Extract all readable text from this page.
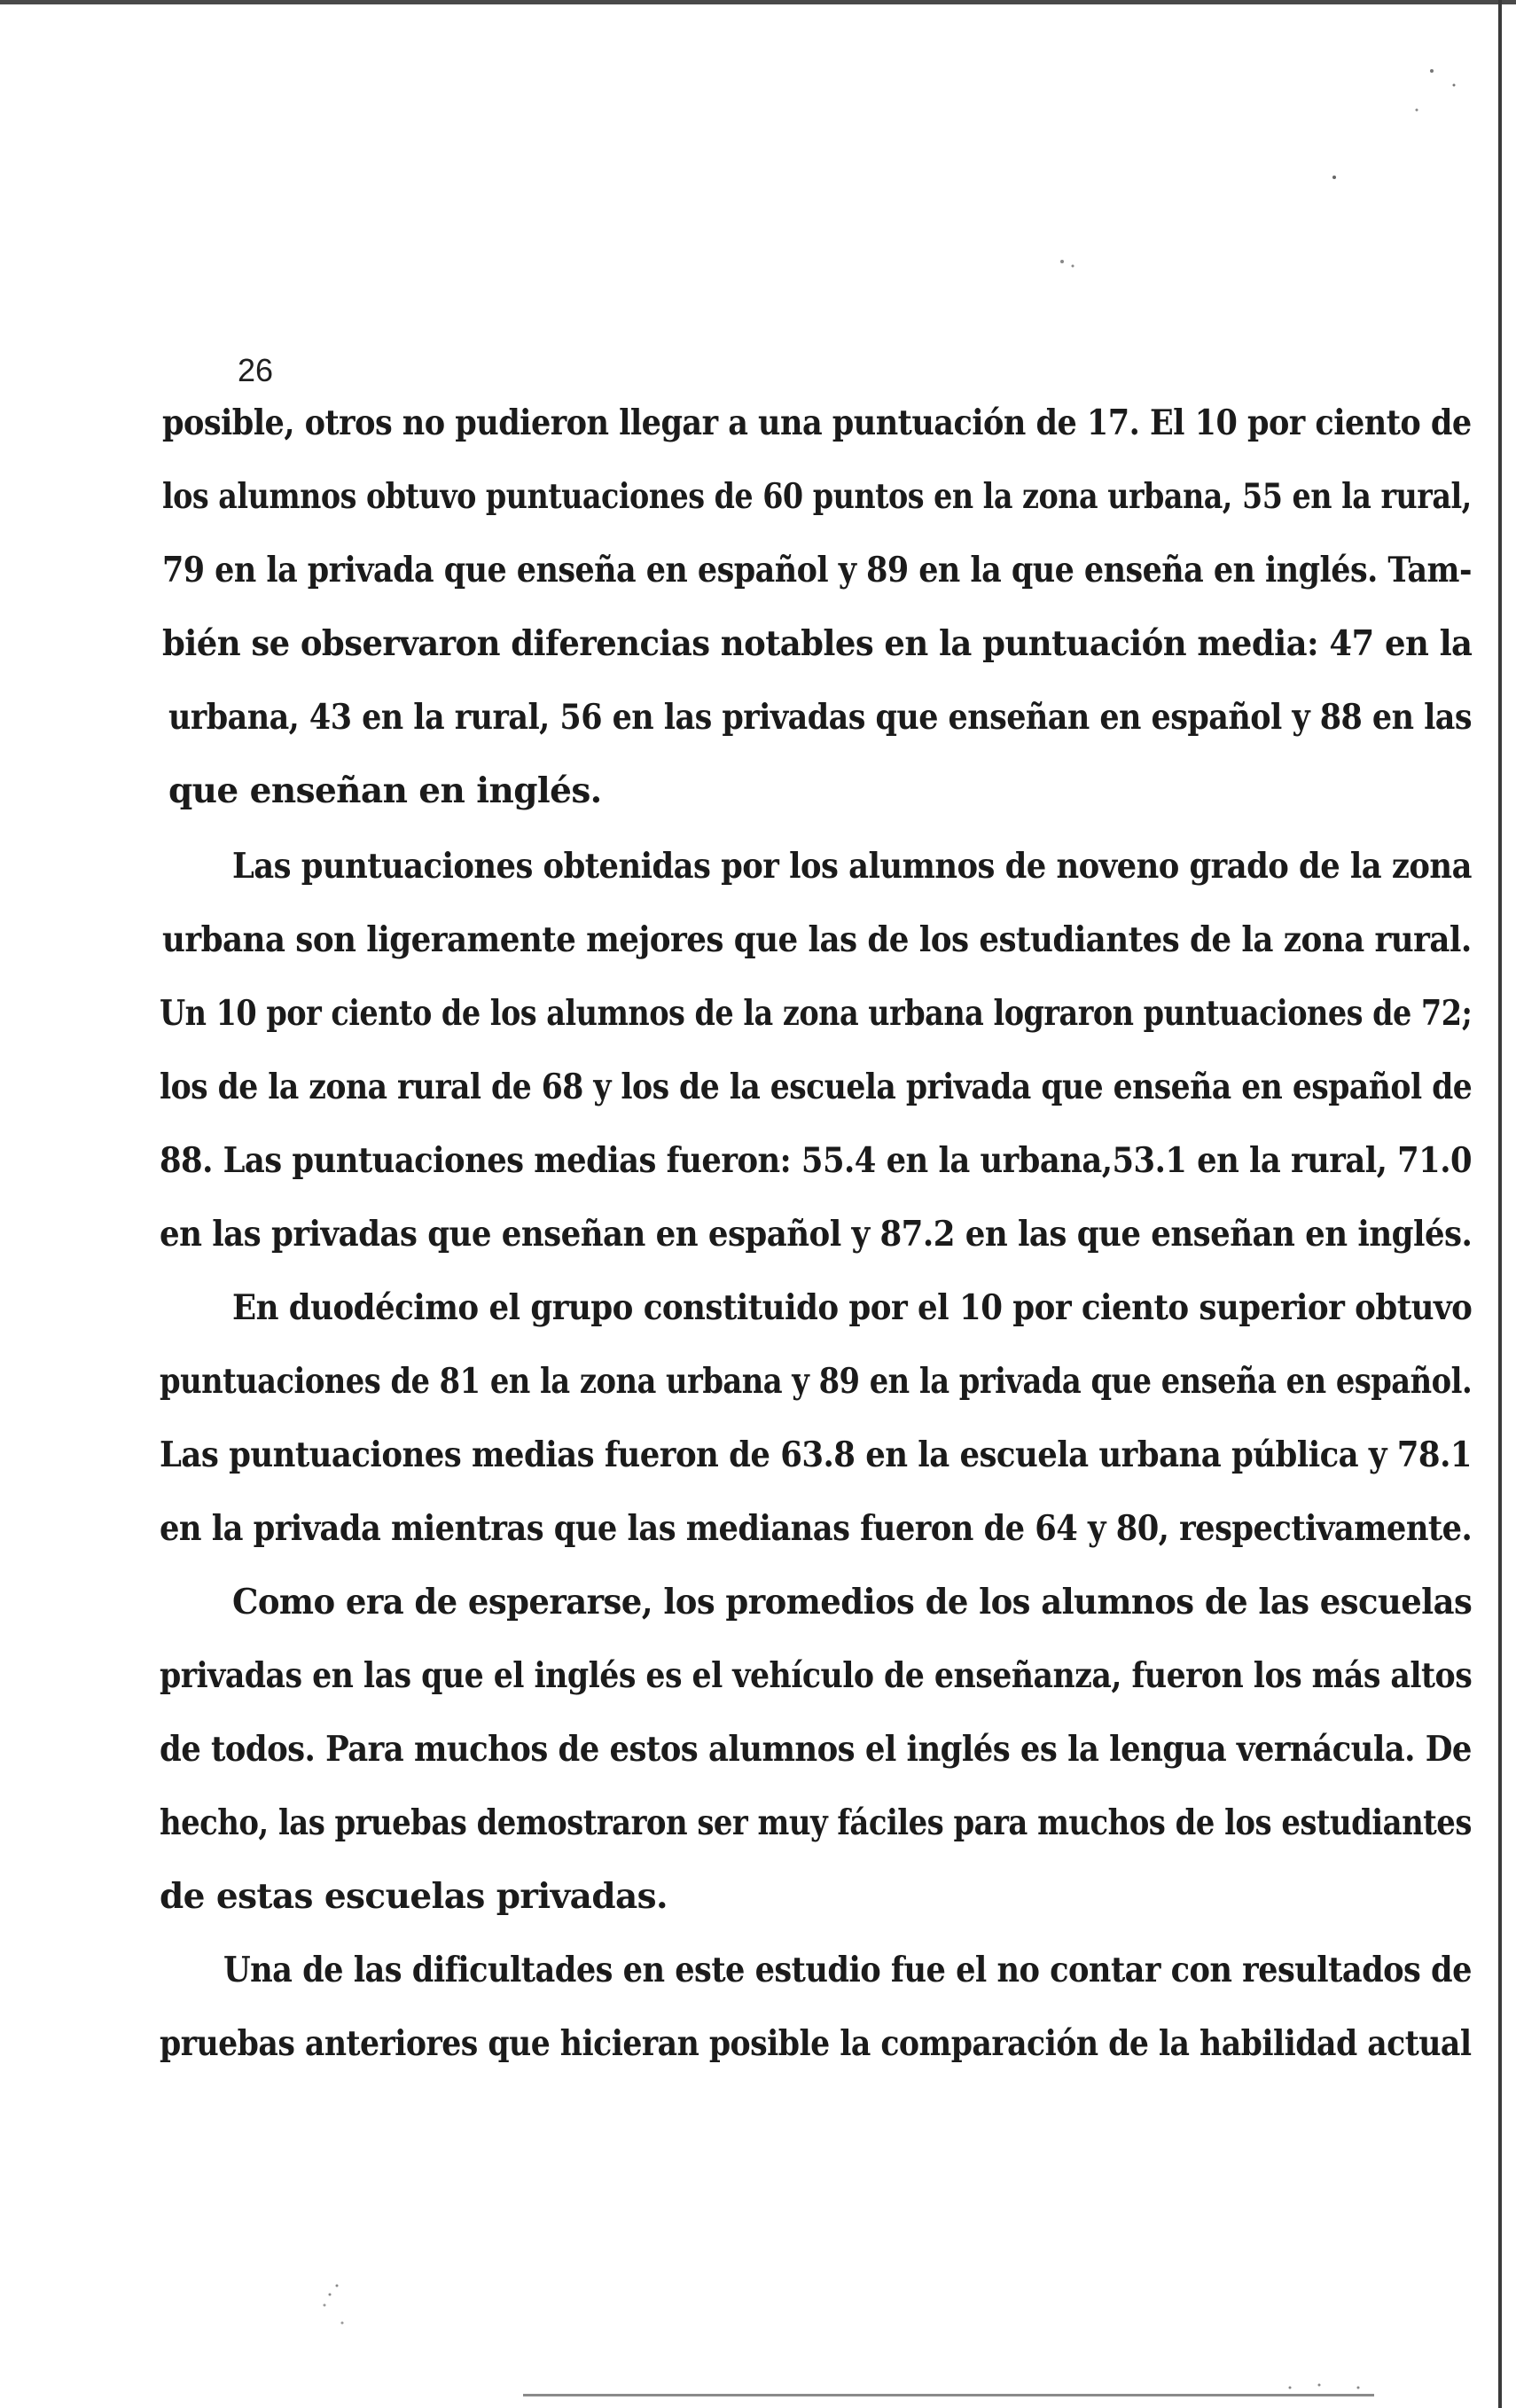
26
posible, otros no pudieron llegar a una puntuación de 17. El 10 por ciento de
los alumnos obtuvo puntuaciones de 60 puntos en la zona urbana, 55 en la rural,
79 en la privada que enseña en español y 89 en la que enseña en inglés. Tam-
bién se observaron diferencias notables en la puntuación media: 47 en la
urbana, 43 en la rural, 56 en las privadas que enseñan en español y 88 en las
que enseñan en inglés.
Las puntuaciones obtenidas por los alumnos de noveno grado de la zona
urbana son ligeramente mejores que las de los estudiantes de la zona rural.
Un 10 por ciento de los alumnos de la zona urbana lograron puntuaciones de 72;
los de la zona rural de 68 y los de la escuela privada que enseña en español de
88. Las puntuaciones medias fueron: 55.4 en la urbana,53.1 en la rural, 71.0
en las privadas que enseñan en español y 87.2 en las que enseñan en inglés.
En duodécimo el grupo constituido por el 10 por ciento superior obtuvo
puntuaciones de 81 en la zona urbana y 89 en la privada que enseña en español.
Las puntuaciones medias fueron de 63.8 en la escuela urbana pública y 78.1
en la privada mientras que las medianas fueron de 64 y 80, respectivamente.
Como era de esperarse, los promedios de los alumnos de las escuelas
privadas en las que el inglés es el vehículo de enseñanza, fueron los más altos
de todos. Para muchos de estos alumnos el inglés es la lengua vernácula. De
hecho, las pruebas demostraron ser muy fáciles para muchos de los estudiantes
de estas escuelas privadas.
Una de las dificultades en este estudio fue el no contar con resultados de
pruebas anteriores que hicieran posible la comparación de la habilidad actual
